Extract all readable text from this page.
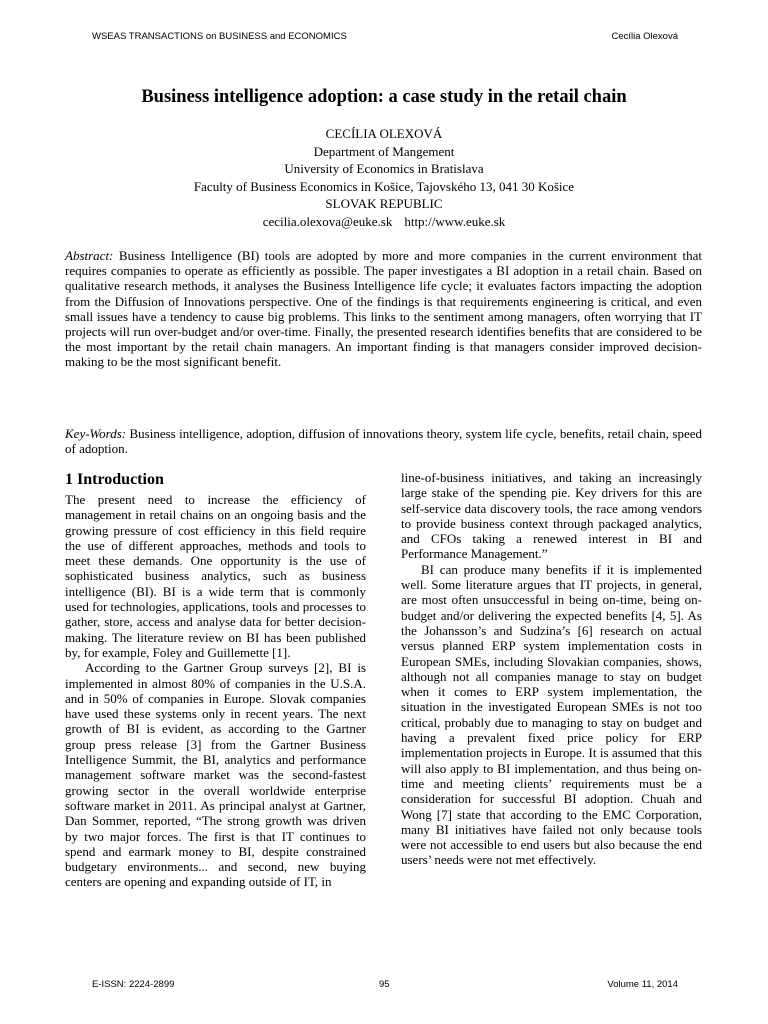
WSEAS TRANSACTIONS on BUSINESS and ECONOMICS	Cecília Olexová
Business intelligence adoption: a case study in the retail chain
CECÍLIA OLEXOVÁ
Department of Mangement
University of Economics in Bratislava
Faculty of Business Economics in Košice, Tajovského 13, 041 30 Košice
SLOVAK REPUBLIC
cecilia.olexova@euke.sk http://www.euke.sk
Abstract: Business Intelligence (BI) tools are adopted by more and more companies in the current environment that requires companies to operate as efficiently as possible. The paper investigates a BI adoption in a retail chain. Based on qualitative research methods, it analyses the Business Intelligence life cycle; it evaluates factors impacting the adoption from the Diffusion of Innovations perspective. One of the findings is that requirements engineering is critical, and even small issues have a tendency to cause big problems. This links to the sentiment among managers, often worrying that IT projects will run over-budget and/or over-time. Finally, the presented research identifies benefits that are considered to be the most important by the retail chain managers. An important finding is that managers consider improved decision-making to be the most significant benefit.
Key-Words: Business intelligence, adoption, diffusion of innovations theory, system life cycle, benefits, retail chain, speed of adoption.
1 Introduction

The present need to increase the efficiency of management in retail chains on an ongoing basis and the growing pressure of cost efficiency in this field require the use of different approaches, methods and tools to meet these demands. One opportunity is the use of sophisticated business analytics, such as business intelligence (BI). BI is a wide term that is commonly used for technologies, applications, tools and processes to gather, store, access and analyse data for better decision-making. The literature review on BI has been published by, for example, Foley and Guillemette [1].

According to the Gartner Group surveys [2], BI is implemented in almost 80% of companies in the U.S.A. and in 50% of companies in Europe. Slovak companies have used these systems only in recent years. The next growth of BI is evident, as according to the Gartner group press release [3] from the Gartner Business Intelligence Summit, the BI, analytics and performance management software market was the second-fastest growing sector in the overall worldwide enterprise software market in 2011. As principal analyst at Gartner, Dan Sommer, reported, “The strong growth was driven by two major forces. The first is that IT continues to spend and earmark money to BI, despite constrained budgetary environments... and second, new buying centers are opening and expanding outside of IT, in

line-of-business initiatives, and taking an increasingly large stake of the spending pie. Key drivers for this are self-service data discovery tools, the race among vendors to provide business context through packaged analytics, and CFOs taking a renewed interest in BI and Performance Management.”

BI can produce many benefits if it is implemented well. Some literature argues that IT projects, in general, are most often unsuccessful in being on-time, being on-budget and/or delivering the expected benefits [4, 5]. As the Johansson’s and Sudzina’s [6] research on actual versus planned ERP system implementation costs in European SMEs, including Slovakian companies, shows, although not all companies manage to stay on budget when it comes to ERP system implementation, the situation in the investigated European SMEs is not too critical, probably due to managing to stay on budget and having a prevalent fixed price policy for ERP implementation projects in Europe. It is assumed that this will also apply to BI implementation, and thus being on-time and meeting clients’ requirements must be a consideration for successful BI adoption. Chuah and Wong [7] state that according to the EMC Corporation, many BI initiatives have failed not only because tools were not accessible to end users but also because the end users’ needs were not met effectively.

E-ISSN: 2224-2899	95	Volume 11, 2014
